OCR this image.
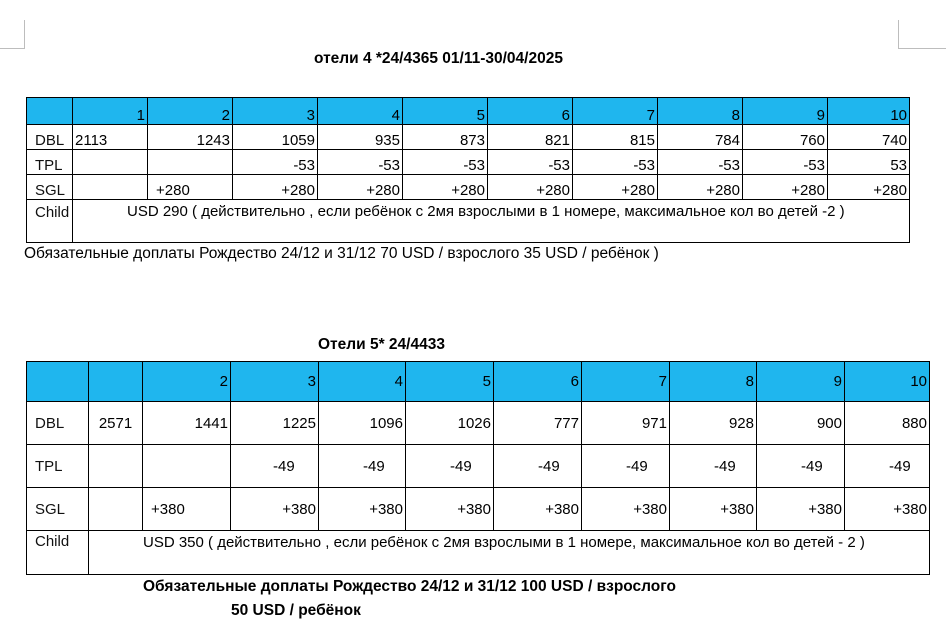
отели 4 *24/4365 01/11-30/04/2025
	1	2	3	4	5	6	7	8	9	10
DBL	2113	1243	1059	935	873	821	815	784	760	740
TPL			-53	-53	-53	-53	-53	-53	-53	53
SGL		+280	+280	+280	+280	+280	+280	+280	+280	+280
Child	USD 290 ( действительно , если ребёнок с 2мя взрослыми в 1 номере, максимальное кол во детей -2 )									
Обязательные доплаты Рождество 24/12 и 31/12 70 USD / взрослого 35 USD / ребёнок )
Отели 5* 24/4433
		2	3	4	5	6	7	8	9	10
DBL	2571	1441	1225	1096	1026	777	971	928	900	880
TPL			-49	-49	-49	-49	-49	-49	-49	-49
SGL		+380	+380	+380	+380	+380	+380	+380	+380	+380
Child	USD 350 ( действительно , если ребёнок с 2мя взрослыми в 1 номере, максимальное кол во детей - 2 )									
Обязательные доплаты Рождество 24/12 и 31/12 100 USD / взрослого
50 USD / ребёнок
